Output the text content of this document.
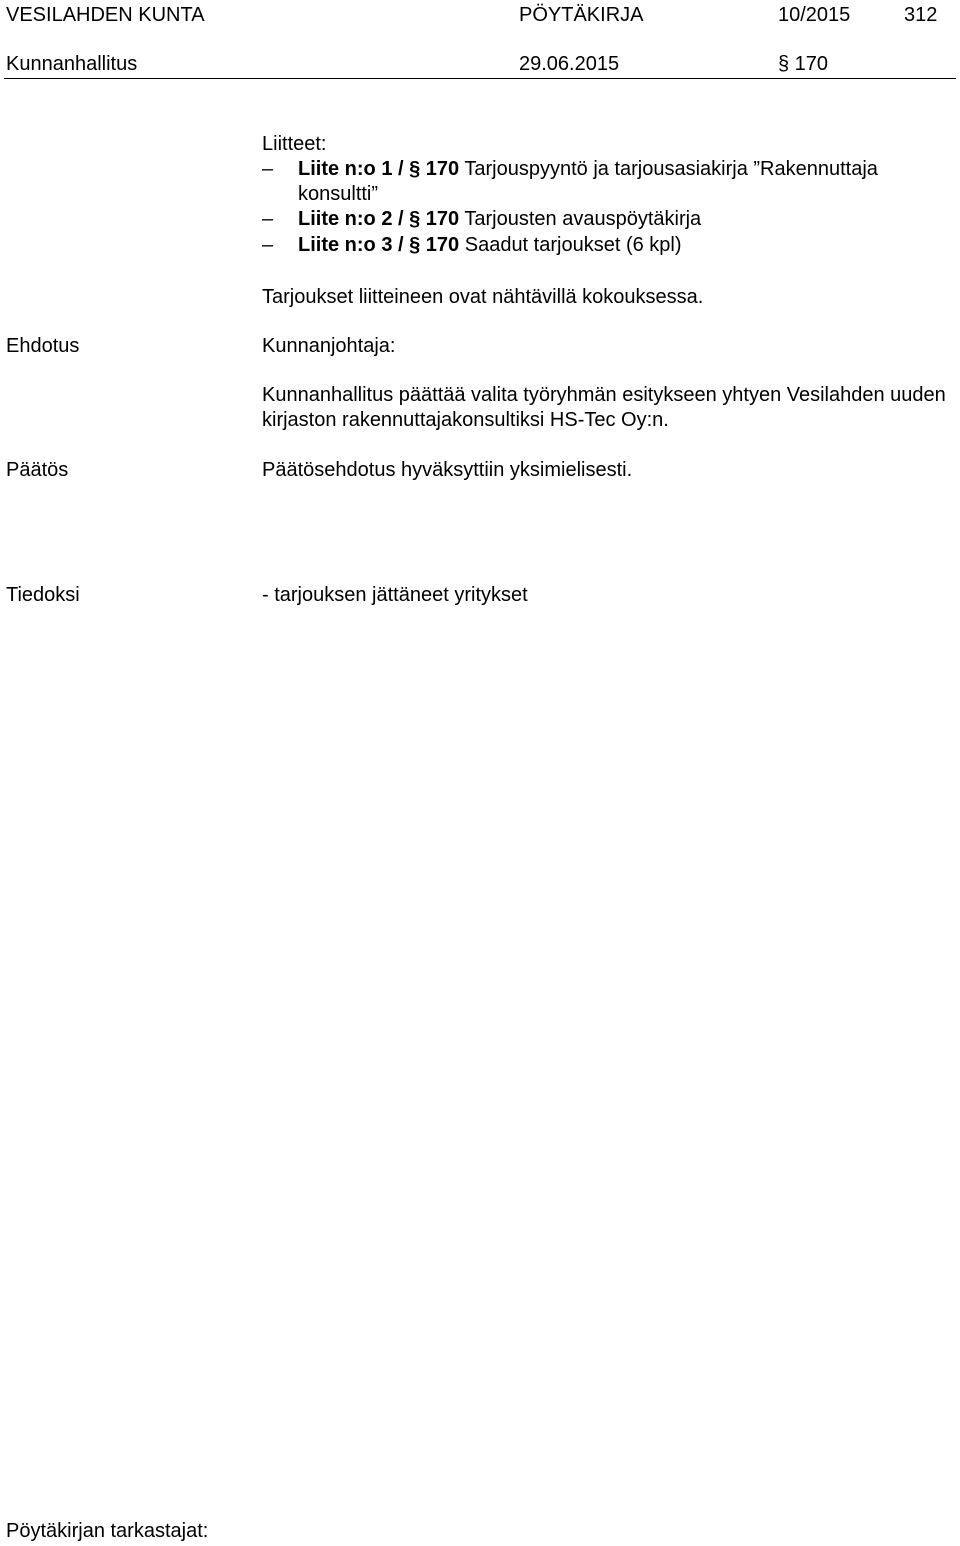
VESILAHDEN KUNTA	PÖYTÄKIRJA	10/2015	312
Kunnanhallitus	29.06.2015	§ 170
Liitteet:
– Liite n:o 1 / § 170 Tarjouspyyntö ja tarjousasiakirja ”Rakennuttaja
konsultti”
– Liite n:o 2 / § 170 Tarjousten avauspöytäkirja
– Liite n:o 3 / § 170 Saadut tarjoukset (6 kpl)
Tarjoukset liitteineen ovat nähtävillä kokouksessa.
Ehdotus	Kunnanjohtaja:
Kunnanhallitus päättää valita työryhmän esitykseen yhtyen Vesilahden uuden kirjaston rakennuttajakonsultiksi HS-Tec Oy:n.
Päätös	Päätösehdotus hyväksyttiin yksimielisesti.
Tiedoksi	- tarjouksen jättäneet yritykset
Pöytäkirjan tarkastajat:
